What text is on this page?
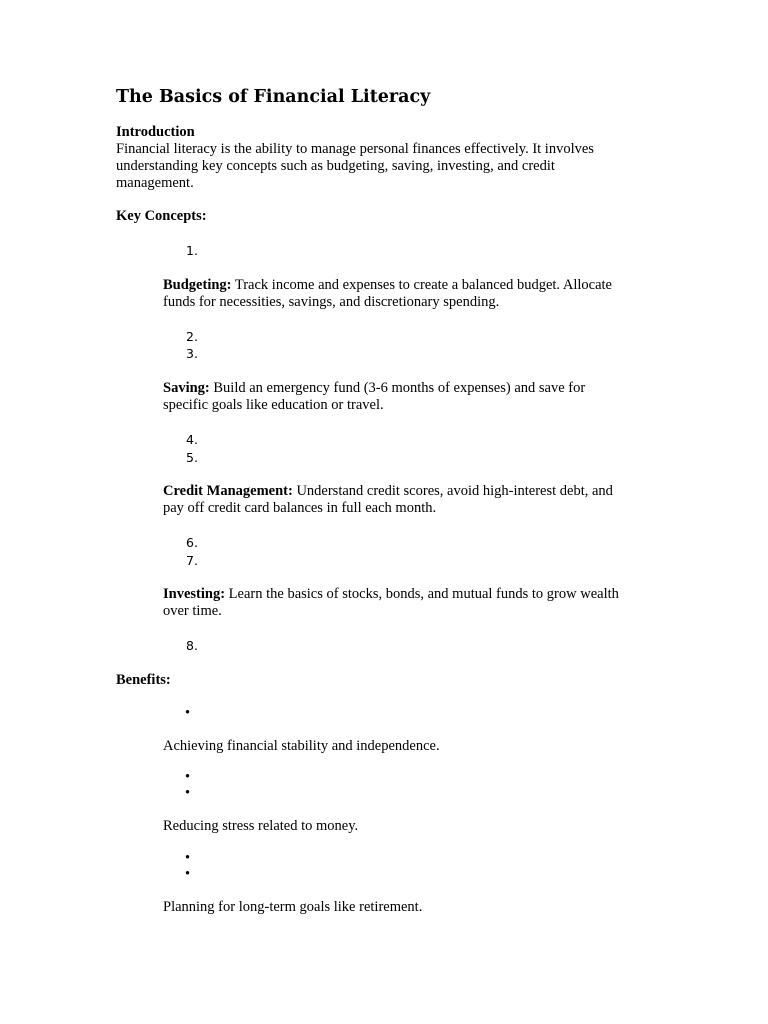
The Basics of Financial Literacy
Introduction
Financial literacy is the ability to manage personal finances effectively. It involves
understanding key concepts such as budgeting, saving, investing, and credit
management.
Key Concepts:
1.
Budgeting: Track income and expenses to create a balanced budget. Allocate
funds for necessities, savings, and discretionary spending.
2.
3.
Saving: Build an emergency fund (3-6 months of expenses) and save for
specific goals like education or travel.
4.
5.
Credit Management: Understand credit scores, avoid high-interest debt, and
pay off credit card balances in full each month.
6.
7.
Investing: Learn the basics of stocks, bonds, and mutual funds to grow wealth
over time.
8.
Benefits:
•
Achieving financial stability and independence.
•
•
Reducing stress related to money.
•
•
Planning for long-term goals like retirement.
